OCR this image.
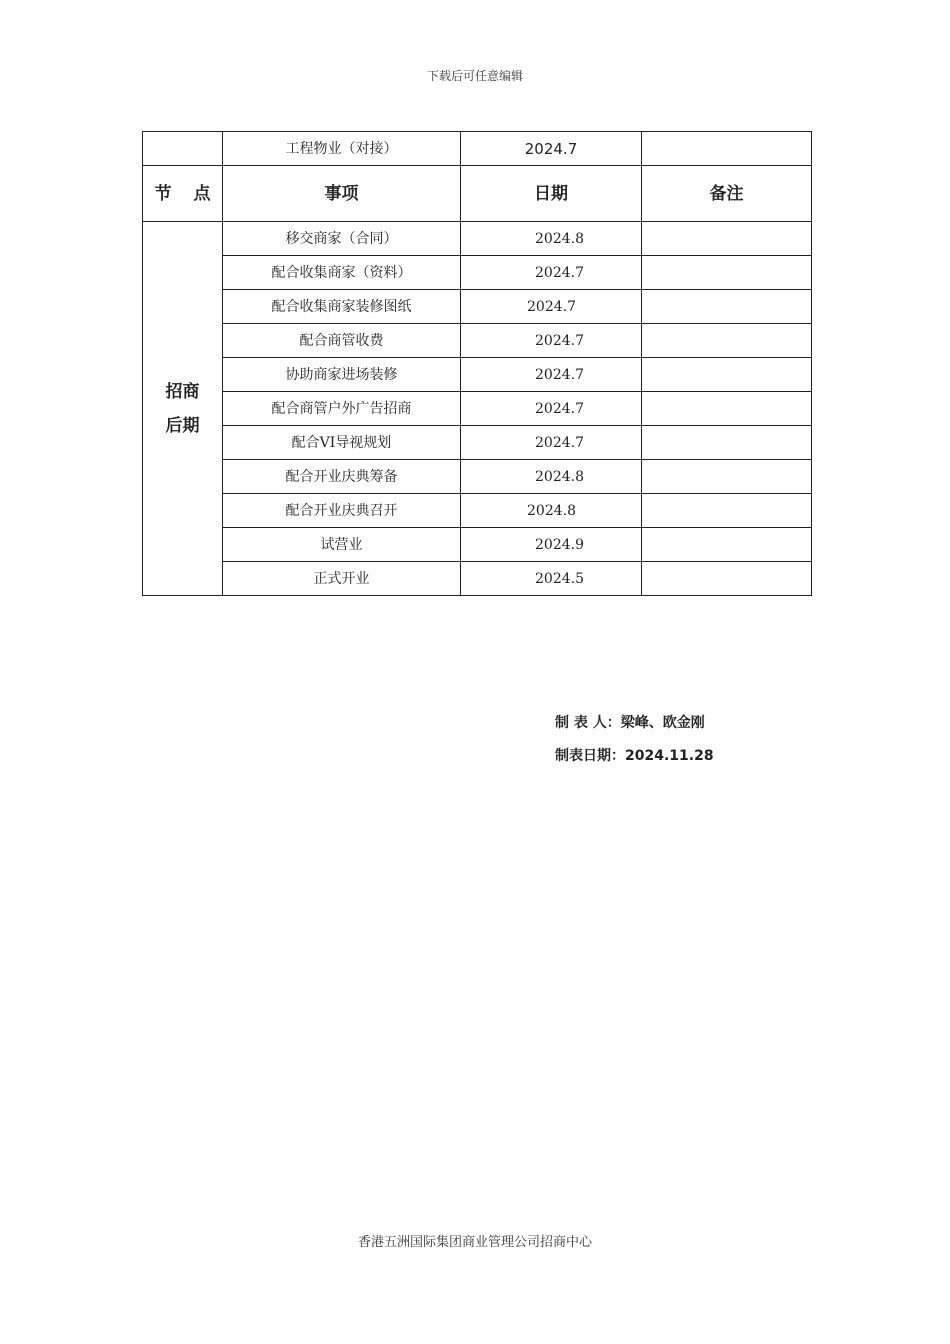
下载后可任意编辑
	工程物业（对接）	2024.7	
节 点	事项	日期	备注
招商
后期	移交商家（合同）	2024.8	
	配合收集商家（资料）	2024.7	
	配合收集商家装修图纸	2024.7	
	配合商管收费	2024.7	
	协助商家进场装修	2024.7	
	配合商管户外广告招商	2024.7	
	配合VI导视规划	2024.7	
	配合开业庆典筹备	2024.8	
	配合开业庆典召开	2024.8	
	试营业	2024.9	
	正式开业	2024.5	
制 表 人：梁峰、欧金刚
制表日期：2024.11.28
香港五洲国际集团商业管理公司招商中心
